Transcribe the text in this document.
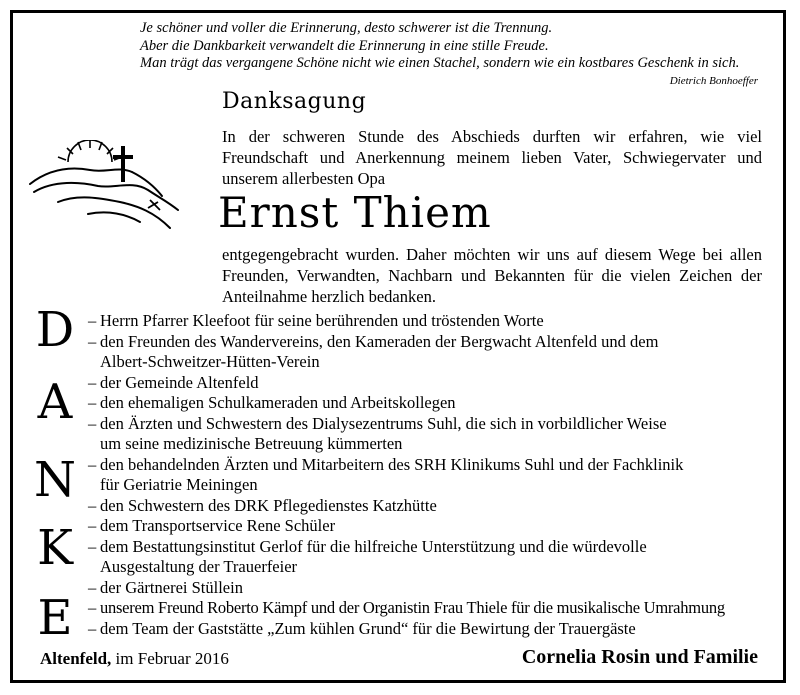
Je schöner und voller die Erinnerung, desto schwerer ist die Trennung.
Aber die Dankbarkeit verwandelt die Erinnerung in eine stille Freude.
Man trägt das vergangene Schöne nicht wie einen Stachel, sondern wie ein kostbares Geschenk in sich.
Dietrich Bonhoeffer
Danksagung
In der schweren Stunde des Abschieds durften wir erfahren, wie viel Freundschaft und Anerkennung meinem lieben Vater, Schwiegervater und unserem allerbesten Opa
Ernst Thiem
entgegengebracht wurden. Daher möchten wir uns auf diesem Wege bei allen Freunden, Verwandten, Nachbarn und Bekannten für die vielen Zeichen der Anteilnahme herzlich bedanken.
D
A
N
K
E
– Herrn Pfarrer Kleefoot für seine berührenden und tröstenden Worte
– den Freunden des Wandervereins, den Kameraden der Bergwacht Altenfeld und dem
Albert-Schweitzer-Hütten-Verein
– der Gemeinde Altenfeld
– den ehemaligen Schulkameraden und Arbeitskollegen
– den Ärzten und Schwestern des Dialysezentrums Suhl, die sich in vorbildlicher Weise
um seine medizinische Betreuung kümmerten
– den behandelnden Ärzten und Mitarbeitern des SRH Klinikums Suhl und der Fachklinik
für Geriatrie Meiningen
– den Schwestern des DRK Pflegedienstes Katzhütte
– dem Transportservice Rene Schüler
– dem Bestattungsinstitut Gerlof für die hilfreiche Unterstützung und die würdevolle
Ausgestaltung der Trauerfeier
– der Gärtnerei Stüllein
– unserem Freund Roberto Kämpf und der Organistin Frau Thiele für die musikalische Umrahmung
– dem Team der Gaststätte „Zum kühlen Grund“ für die Bewirtung der Trauergäste
Altenfeld, im Februar 2016	Cornelia Rosin und Familie
